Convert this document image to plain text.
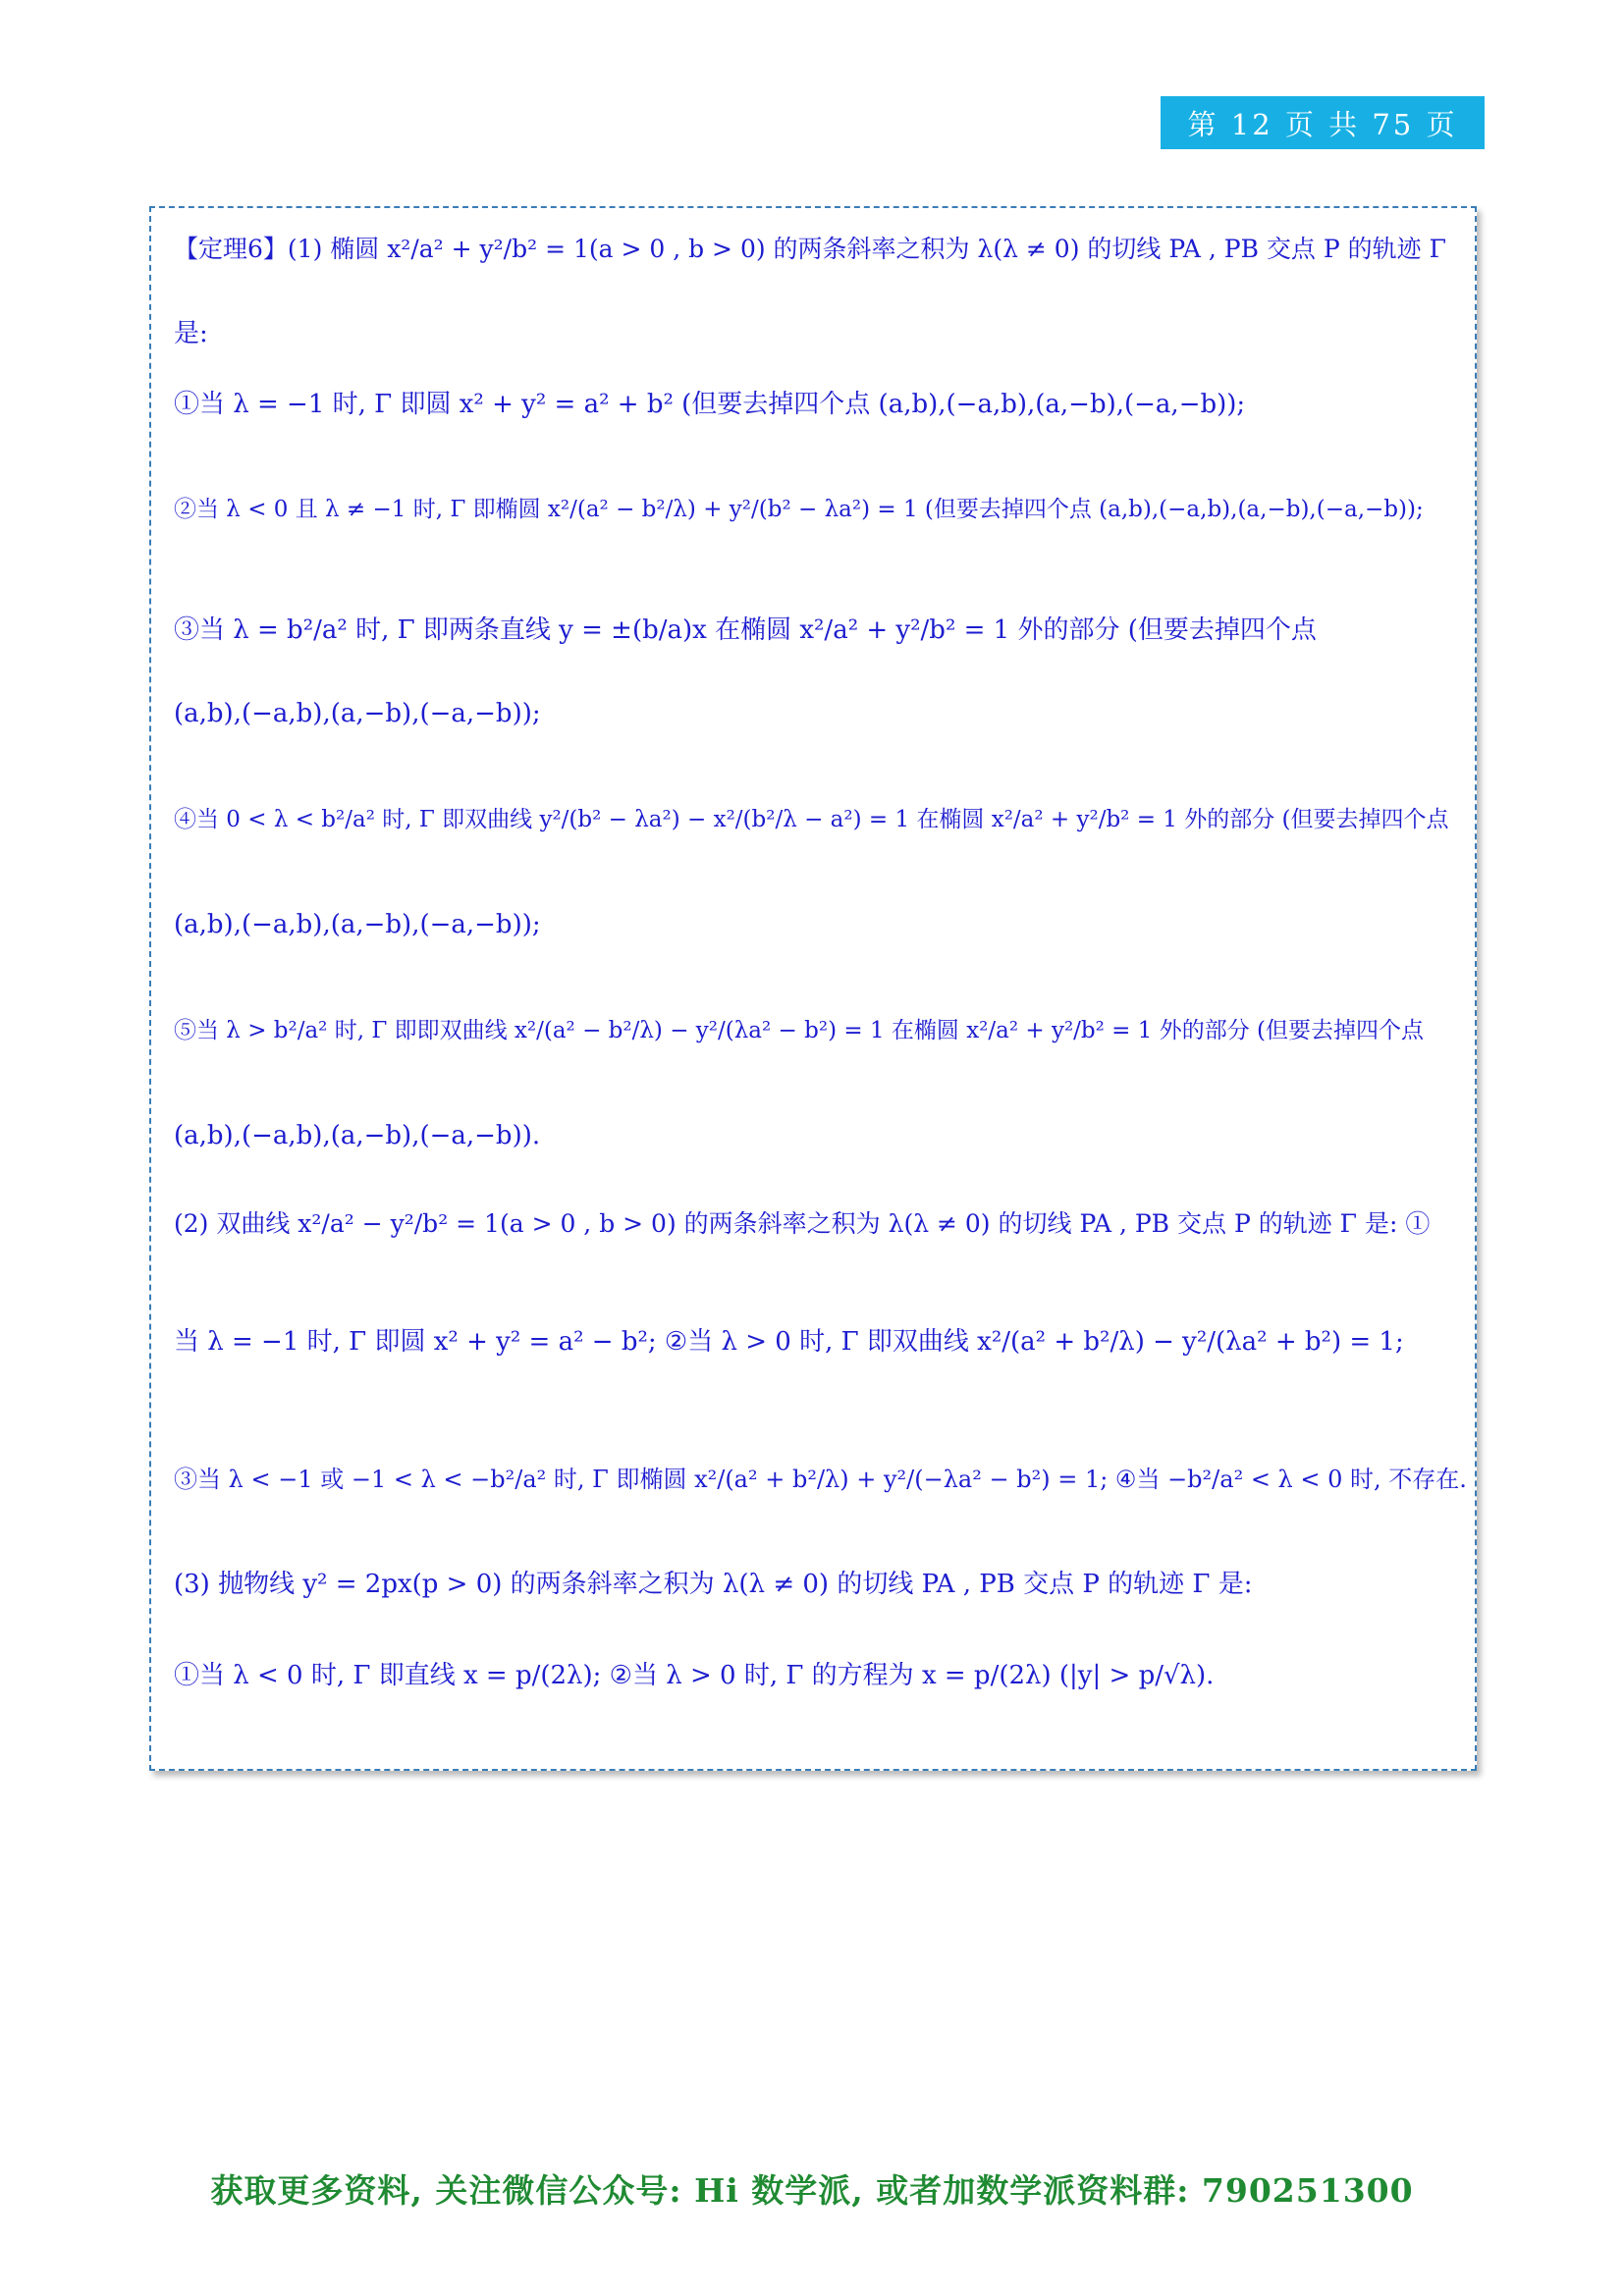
第 12 页 共 75 页
【定理6】(1) 椭圆 x²/a² + y²/b² = 1(a > 0 , b > 0) 的两条斜率之积为 λ(λ ≠ 0) 的切线 PA , PB 交点 P 的轨迹 Γ
是:
①当 λ = −1 时, Γ 即圆 x² + y² = a² + b² (但要去掉四个点 (a,b),(−a,b),(a,−b),(−a,−b));
②当 λ < 0 且 λ ≠ −1 时, Γ 即椭圆 x²/(a² − b²/λ) + y²/(b² − λa²) = 1 (但要去掉四个点 (a,b),(−a,b),(a,−b),(−a,−b));
③当 λ = b²/a² 时, Γ 即两条直线 y = ±(b/a)x 在椭圆 x²/a² + y²/b² = 1 外的部分 (但要去掉四个点
(a,b),(−a,b),(a,−b),(−a,−b));
④当 0 < λ < b²/a² 时, Γ 即双曲线 y²/(b² − λa²) − x²/(b²/λ − a²) = 1 在椭圆 x²/a² + y²/b² = 1 外的部分 (但要去掉四个点
(a,b),(−a,b),(a,−b),(−a,−b));
⑤当 λ > b²/a² 时, Γ 即即双曲线 x²/(a² − b²/λ) − y²/(λa² − b²) = 1 在椭圆 x²/a² + y²/b² = 1 外的部分 (但要去掉四个点
(a,b),(−a,b),(a,−b),(−a,−b)).
(2) 双曲线 x²/a² − y²/b² = 1(a > 0 , b > 0) 的两条斜率之积为 λ(λ ≠ 0) 的切线 PA , PB 交点 P 的轨迹 Γ 是: ①
当 λ = −1 时, Γ 即圆 x² + y² = a² − b²; ②当 λ > 0 时, Γ 即双曲线 x²/(a² + b²/λ) − y²/(λa² + b²) = 1;
③当 λ < −1 或 −1 < λ < −b²/a² 时, Γ 即椭圆 x²/(a² + b²/λ) + y²/(−λa² − b²) = 1; ④当 −b²/a² < λ < 0 时, 不存在.
(3) 抛物线 y² = 2px(p > 0) 的两条斜率之积为 λ(λ ≠ 0) 的切线 PA , PB 交点 P 的轨迹 Γ 是:
①当 λ < 0 时, Γ 即直线 x = p/(2λ); ②当 λ > 0 时, Γ 的方程为 x = p/(2λ) (|y| > p/√λ).
获取更多资料, 关注微信公众号: Hi 数学派, 或者加数学派资料群: 790251300
